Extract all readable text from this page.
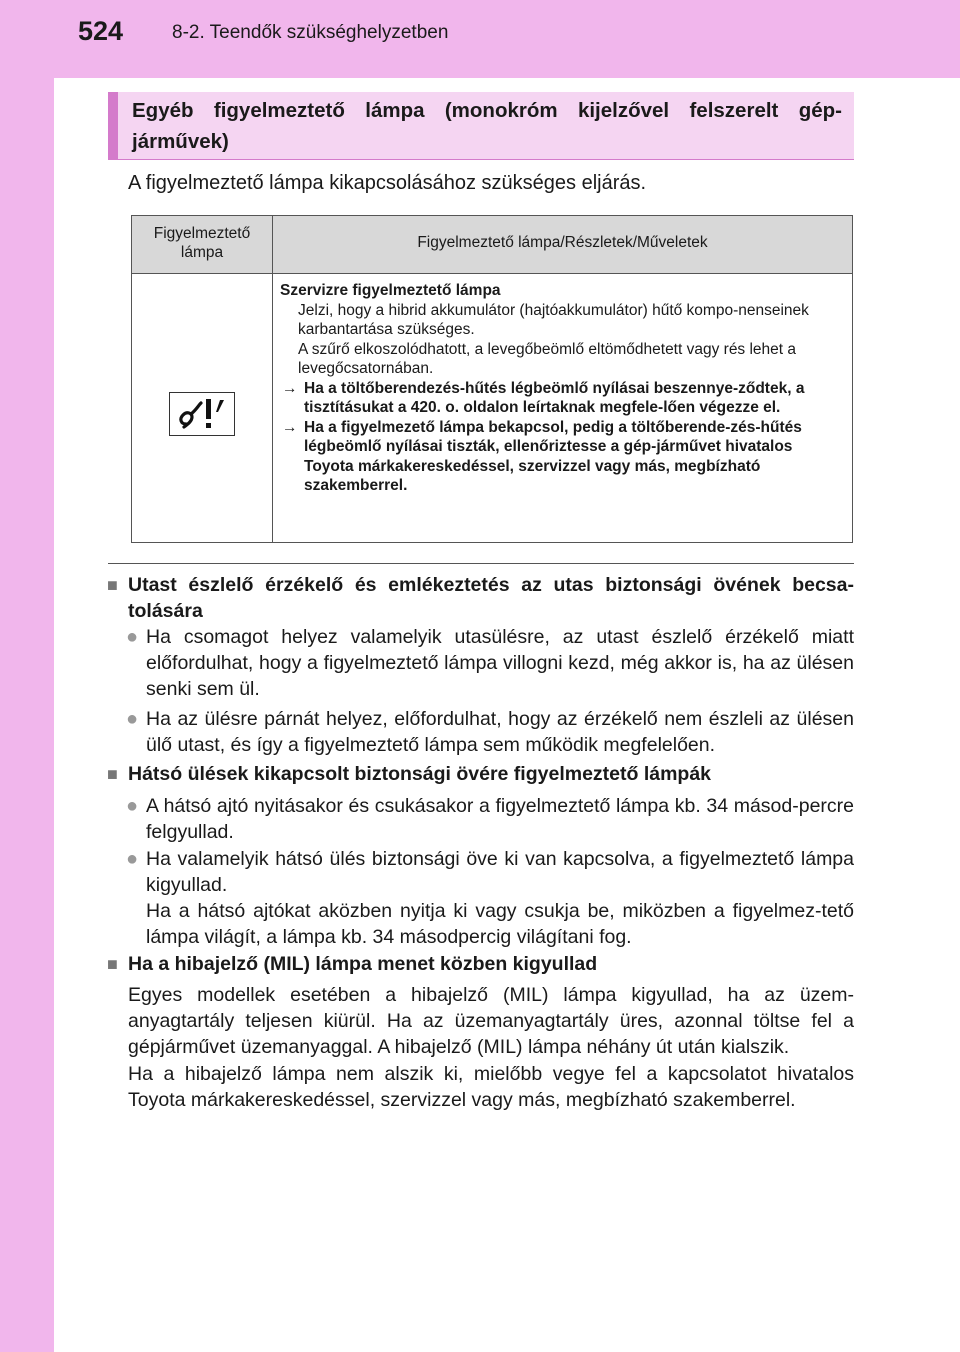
524	8-2. Teendők szükséghelyzetben
Egyéb figyelmeztető lámpa (monokróm kijelzővel felszerelt gép-járművek)
A figyelmeztető lámpa kikapcsolásához szükséges eljárás.
Figyelmeztető lámpa
Figyelmeztető lámpa/Részletek/Műveletek
Szervizre figyelmeztető lámpa
Jelzi, hogy a hibrid akkumulátor (hajtóakkumulátor) hűtő kompo-nenseinek karbantartása szükséges.
A szűrő elkoszolódhatott, a levegőbeömlő eltömődhetett vagy rés lehet a levegőcsatornában.
→ Ha a töltőberendezés-hűtés légbeömlő nyílásai beszennye-ződtek, a tisztításukat a 420. o. oldalon leírtaknak megfele-lően végezze el.
→ Ha a figyelmezető lámpa bekapcsol, pedig a töltőberende-zés-hűtés légbeömlő nyílásai tiszták, ellenőriztesse a gép-járművet hivatalos Toyota márkakereskedéssel, szervizzel vagy más, megbízható szakemberrel.
■ Utast észlelő érzékelő és emlékeztetés az utas biztonsági övének becsa-tolására
● Ha csomagot helyez valamelyik utasülésre, az utast észlelő érzékelő miatt előfordulhat, hogy a figyelmeztető lámpa villogni kezd, még akkor is, ha az ülésen senki sem ül.
● Ha az ülésre párnát helyez, előfordulhat, hogy az érzékelő nem észleli az ülésen ülő utast, és így a figyelmeztető lámpa sem működik megfelelően.
■ Hátsó ülések kikapcsolt biztonsági övére figyelmeztető lámpák
● A hátsó ajtó nyitásakor és csukásakor a figyelmeztető lámpa kb. 34 másod-percre felgyullad.
● Ha valamelyik hátsó ülés biztonsági öve ki van kapcsolva, a figyelmeztető lámpa kigyullad.
Ha a hátsó ajtókat aközben nyitja ki vagy csukja be, miközben a figyelmez-tető lámpa világít, a lámpa kb. 34 másodpercig világítani fog.
■ Ha a hibajelző (MIL) lámpa menet közben kigyullad
Egyes modellek esetében a hibajelző (MIL) lámpa kigyullad, ha az üzem-anyagtartály teljesen kiürül. Ha az üzemanyagtartály üres, azonnal töltse fel a gépjárművet üzemanyaggal. A hibajelző (MIL) lámpa néhány út után kialszik.
Ha a hibajelző lámpa nem alszik ki, mielőbb vegye fel a kapcsolatot hivatalos Toyota márkakereskedéssel, szervizzel vagy más, megbízható szakemberrel.
